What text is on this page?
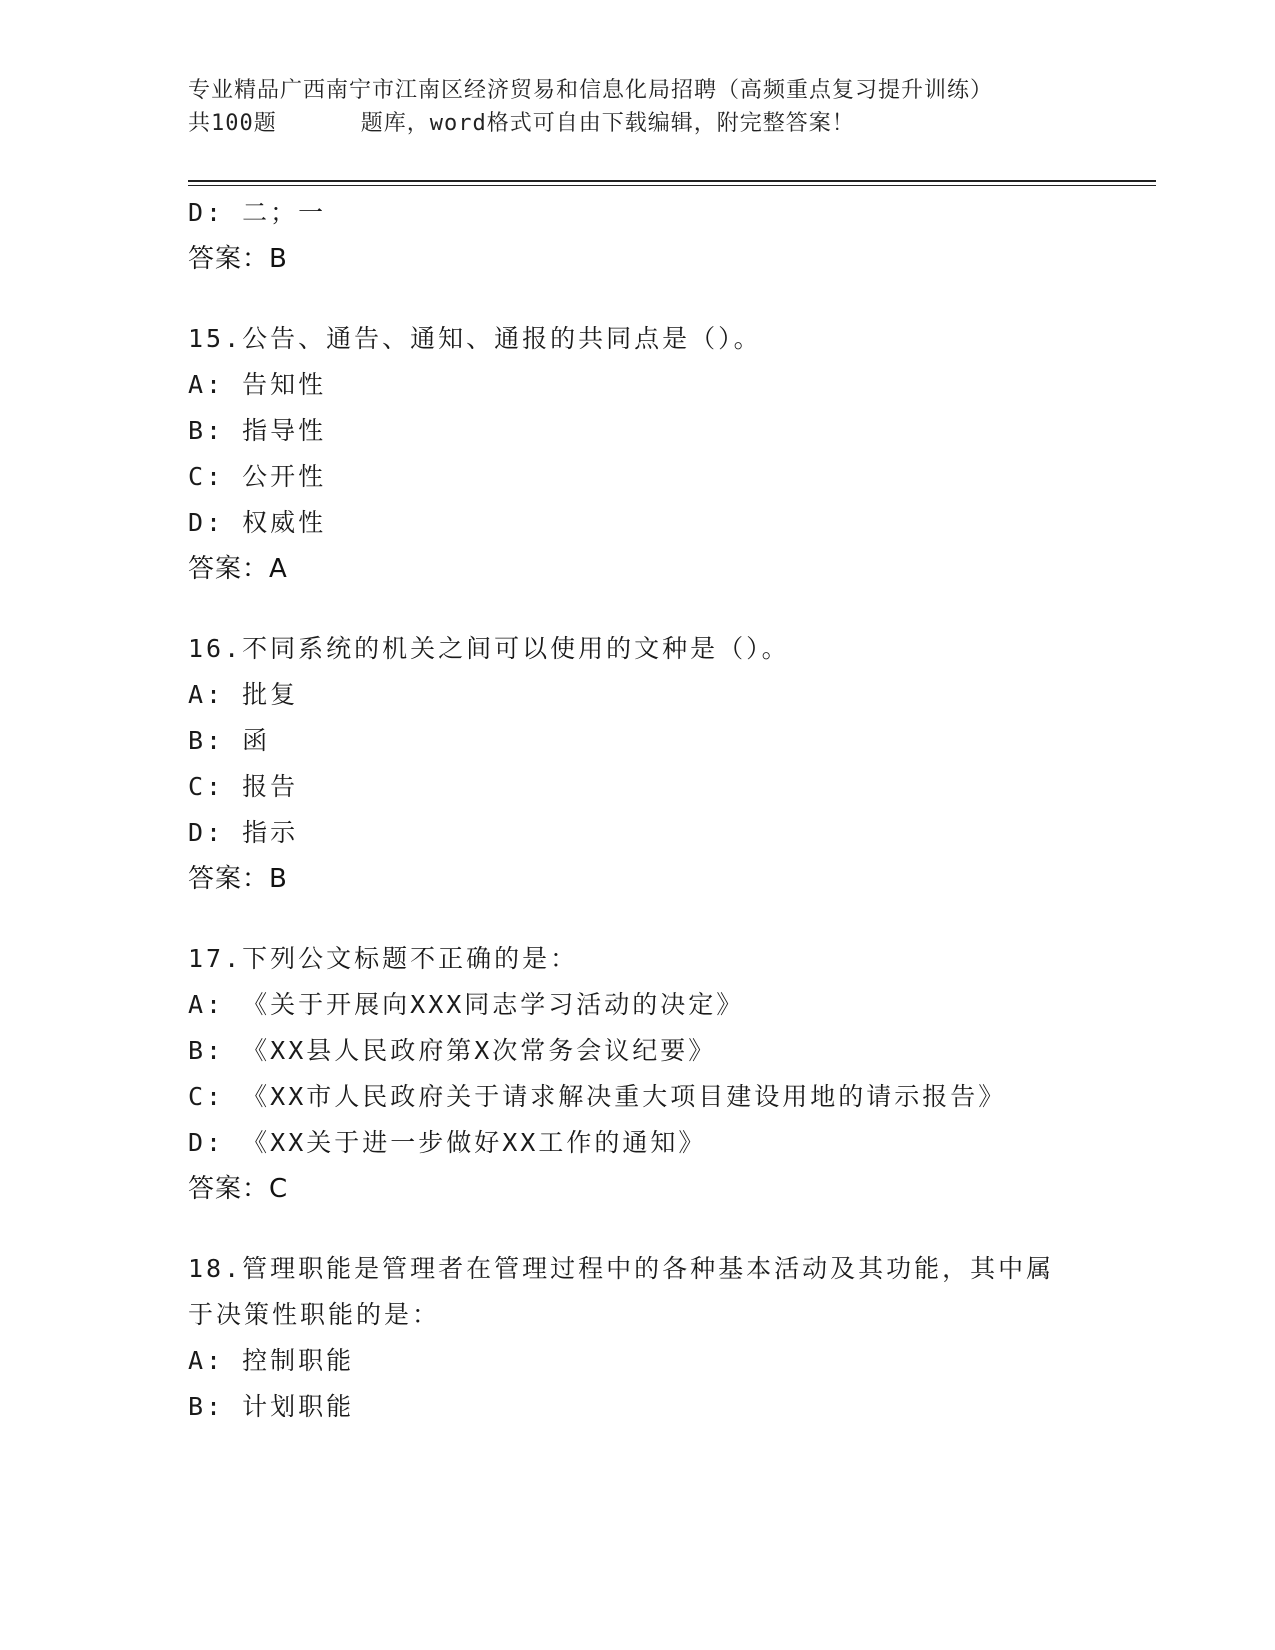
专业精品广西南宁市江南区经济贸易和信息化局招聘（高频重点复习提升训练）
共100题	题库，word格式可自由下载编辑，附完整答案！
D: 二；一
答案：B
15.公告、通告、通知、通报的共同点是（）。
A: 告知性
B: 指导性
C: 公开性
D: 权威性
答案：A
16.不同系统的机关之间可以使用的文种是（）。
A: 批复
B: 函
C: 报告
D: 指示
答案：B
17.下列公文标题不正确的是：
A: 《关于开展向XXX同志学习活动的决定》
B: 《XX县人民政府第X次常务会议纪要》
C: 《XX市人民政府关于请求解决重大项目建设用地的请示报告》
D: 《XX关于进一步做好XX工作的通知》
答案：C
18.管理职能是管理者在管理过程中的各种基本活动及其功能，其中属
于决策性职能的是：
A: 控制职能
B: 计划职能
